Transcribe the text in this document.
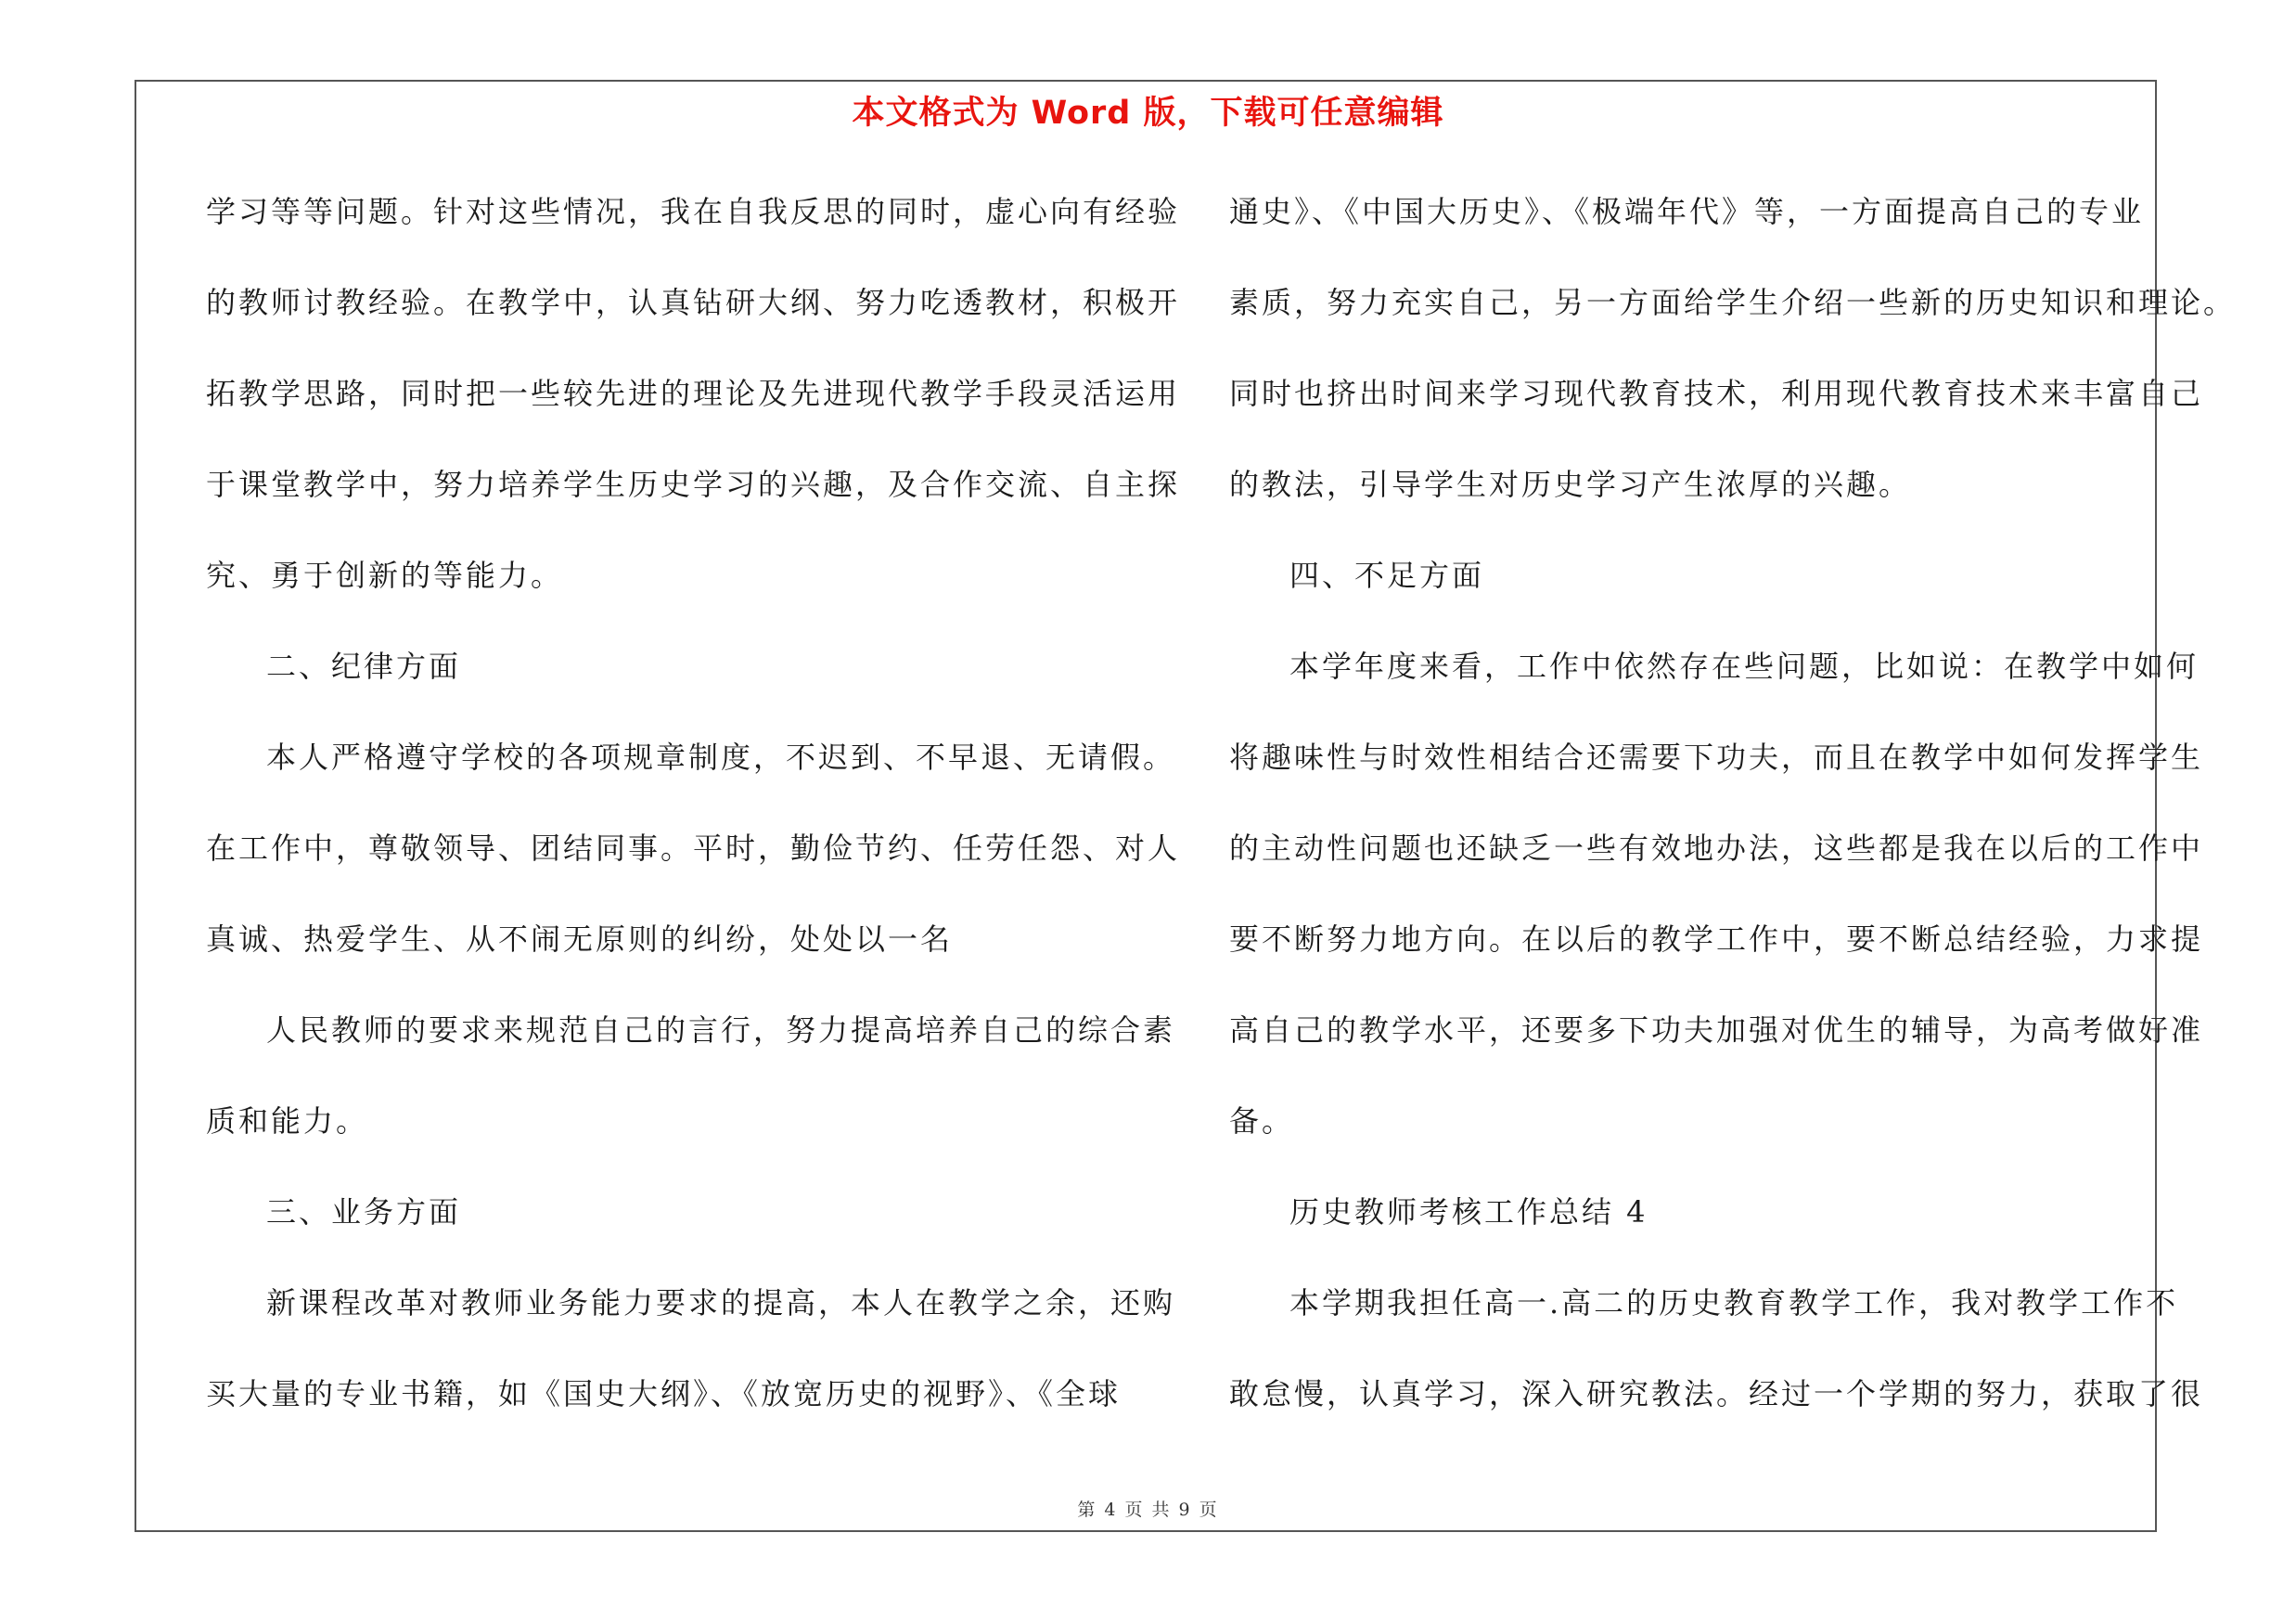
本文格式为 Word 版，下载可任意编辑
学习等等问题。针对这些情况，我在自我反思的同时，虚心向有经验
的教师讨教经验。在教学中，认真钻研大纲、努力吃透教材，积极开
拓教学思路，同时把一些较先进的理论及先进现代教学手段灵活运用
于课堂教学中，努力培养学生历史学习的兴趣，及合作交流、自主探
究、勇于创新的等能力。
二、纪律方面
本人严格遵守学校的各项规章制度，不迟到、不早退、无请假。
在工作中，尊敬领导、团结同事。平时，勤俭节约、任劳任怨、对人
真诚、热爱学生、从不闹无原则的纠纷，处处以一名
人民教师的要求来规范自己的言行，努力提高培养自己的综合素
质和能力。
三、业务方面
新课程改革对教师业务能力要求的提高，本人在教学之余，还购
买大量的专业书籍，如《国史大纲》、《放宽历史的视野》、《全球
通史》、《中国大历史》、《极端年代》等，一方面提高自己的专业
素质，努力充实自己，另一方面给学生介绍一些新的历史知识和理论。
同时也挤出时间来学习现代教育技术，利用现代教育技术来丰富自己
的教法，引导学生对历史学习产生浓厚的兴趣。
四、不足方面
本学年度来看，工作中依然存在些问题，比如说：在教学中如何
将趣味性与时效性相结合还需要下功夫，而且在教学中如何发挥学生
的主动性问题也还缺乏一些有效地办法，这些都是我在以后的工作中
要不断努力地方向。在以后的教学工作中，要不断总结经验，力求提
高自己的教学水平，还要多下功夫加强对优生的辅导，为高考做好准
备。
历史教师考核工作总结 4
本学期我担任高一.高二的历史教育教学工作，我对教学工作不
敢怠慢，认真学习，深入研究教法。经过一个学期的努力，获取了很
第 4 页 共 9 页
